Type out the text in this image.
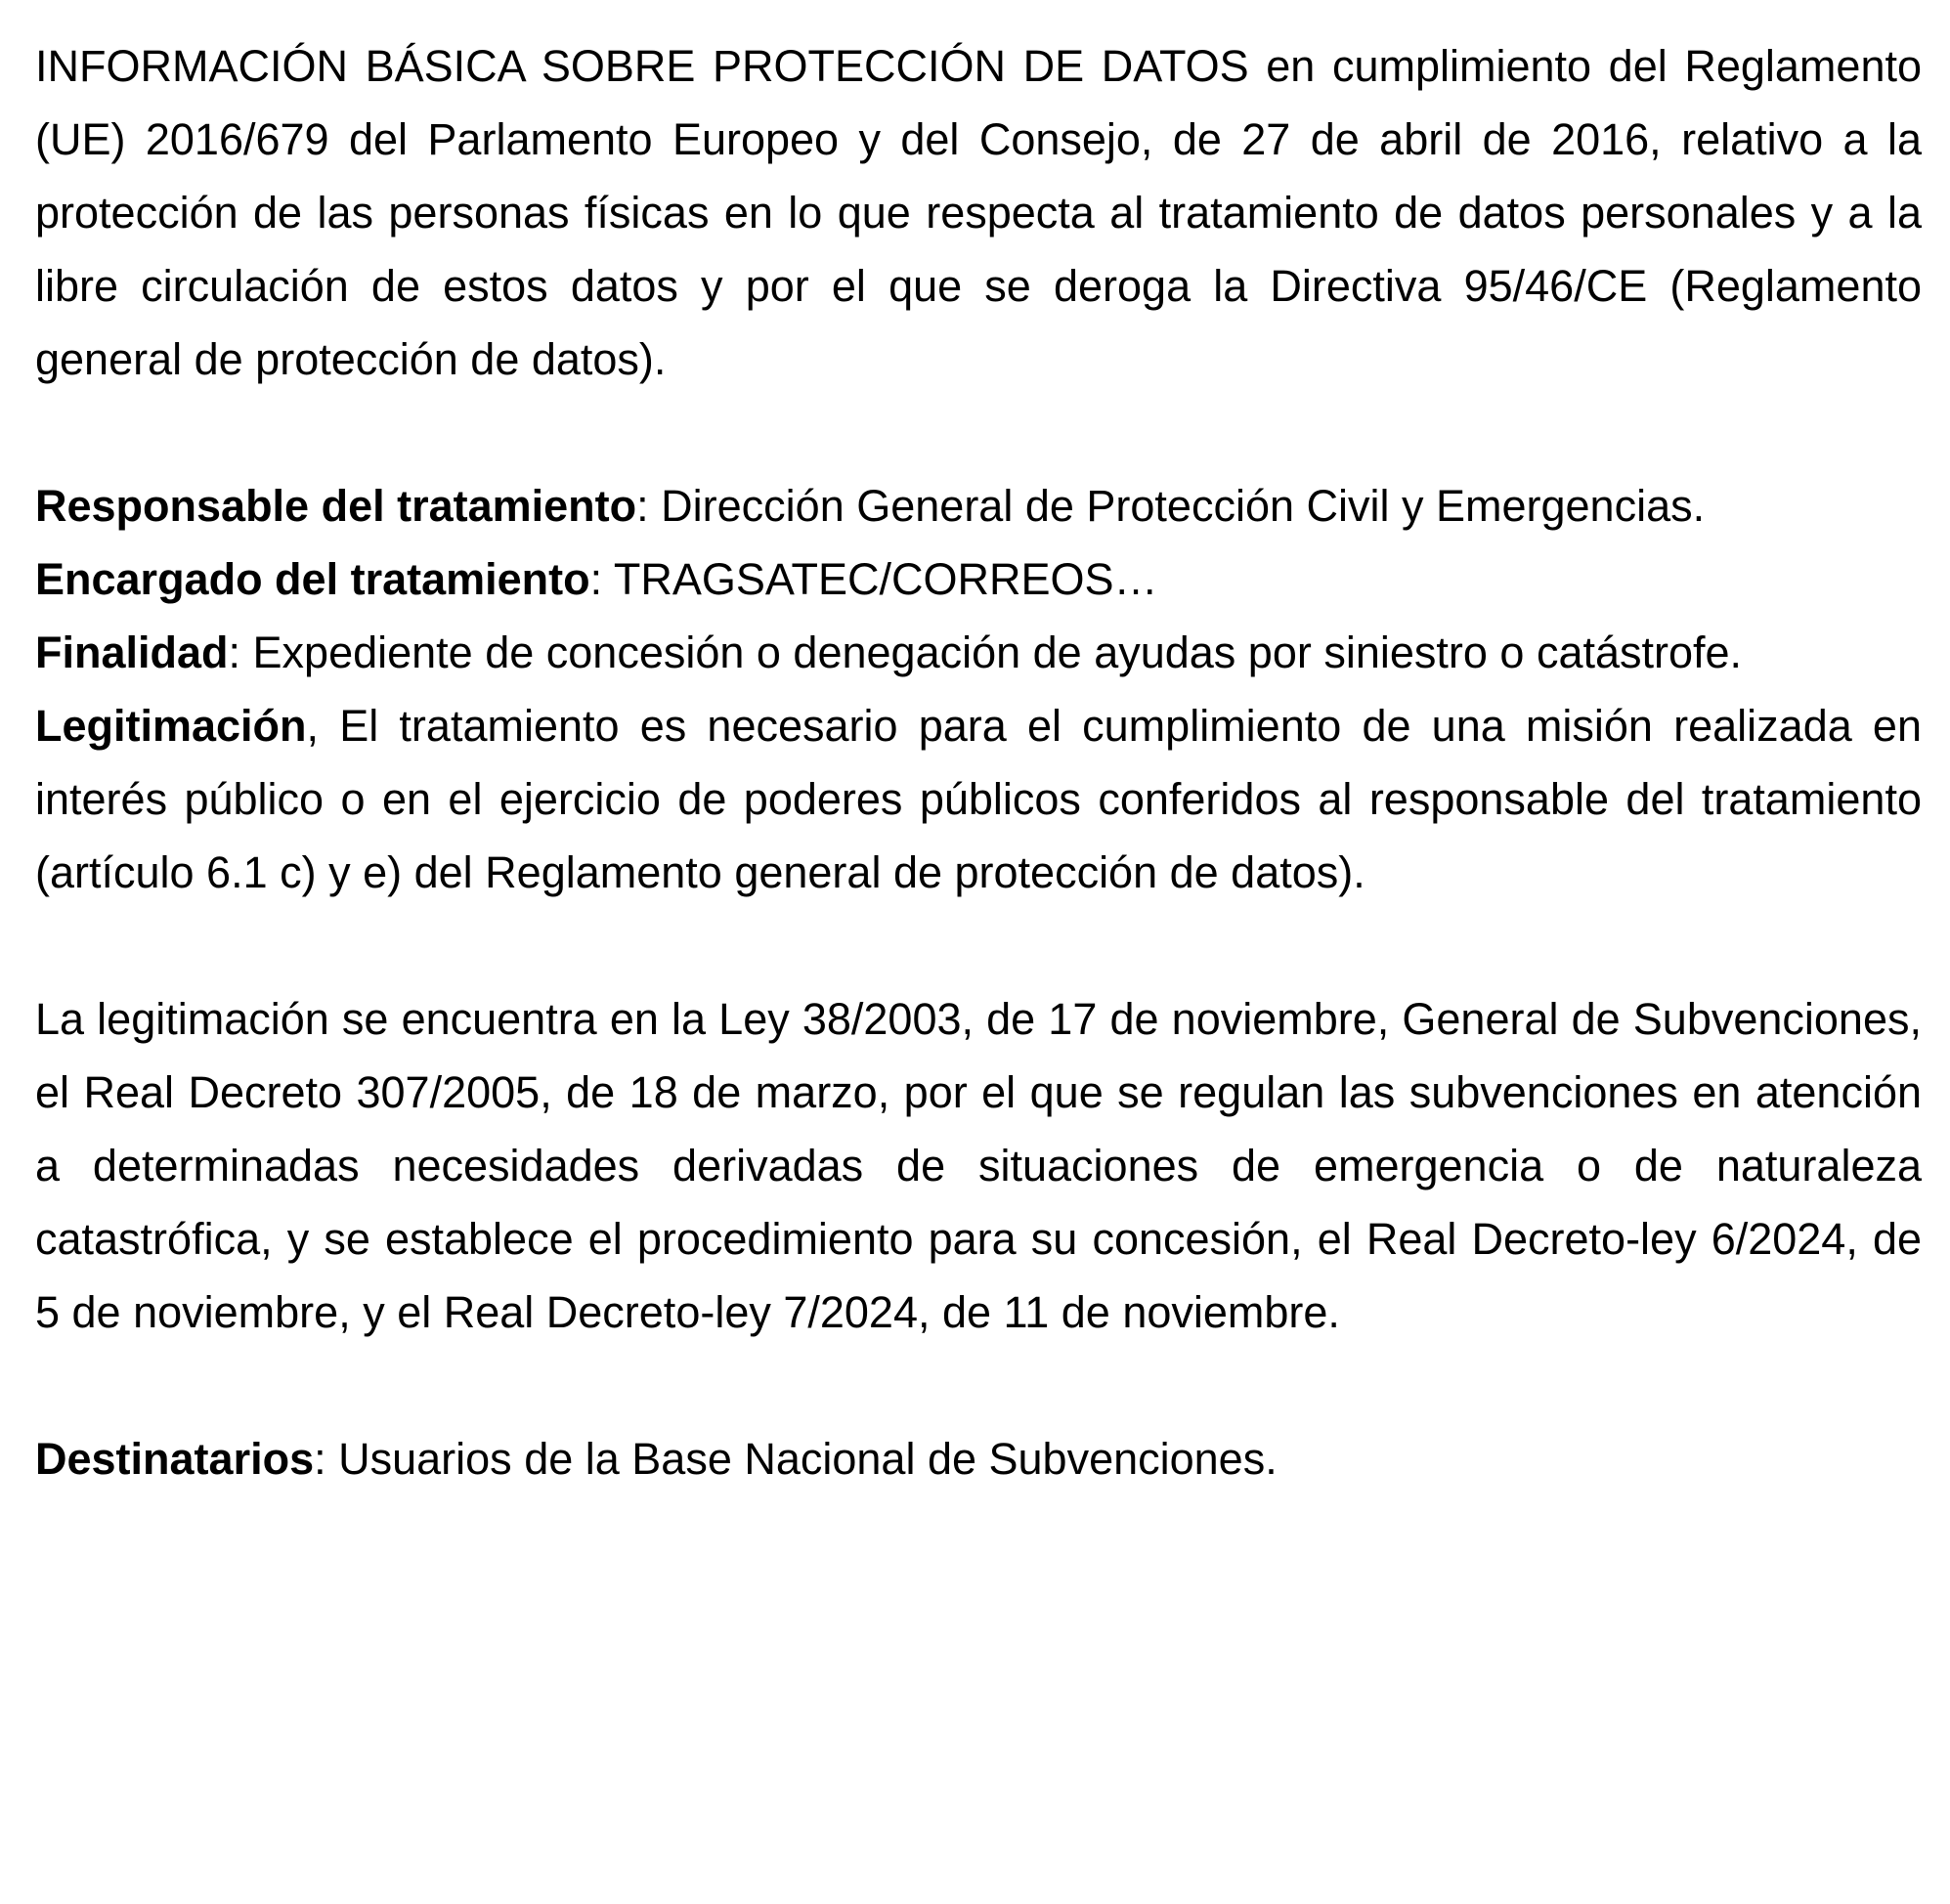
INFORMACIÓN BÁSICA SOBRE PROTECCIÓN DE DATOS en cumplimiento del Reglamento (UE) 2016/679 del Parlamento Europeo y del Consejo, de 27 de abril de 2016, relativo a la protección de las personas físicas en lo que respecta al tratamiento de datos personales y a la libre circulación de estos datos y por el que se deroga la Directiva 95/46/CE (Reglamento general de protección de datos).

Responsable del tratamiento: Dirección General de Protección Civil y Emergencias.

Encargado del tratamiento: TRAGSATEC/CORREOS…

Finalidad: Expediente de concesión o denegación de ayudas por siniestro o catástrofe.

Legitimación, El tratamiento es necesario para el cumplimiento de una misión realizada en interés público o en el ejercicio de poderes públicos conferidos al responsable del tratamiento (artículo 6.1 c) y e) del Reglamento general de protección de datos).

La legitimación se encuentra en la Ley 38/2003, de 17 de noviembre, General de Subvenciones, el Real Decreto 307/2005, de 18 de marzo, por el que se regulan las subvenciones en atención a determinadas necesidades derivadas de situaciones de emergencia o de naturaleza catastrófica, y se establece el procedimiento para su concesión, el Real Decreto-ley 6/2024, de 5 de noviembre, y el Real Decreto-ley 7/2024, de 11 de noviembre.

Destinatarios: Usuarios de la Base Nacional de Subvenciones.
